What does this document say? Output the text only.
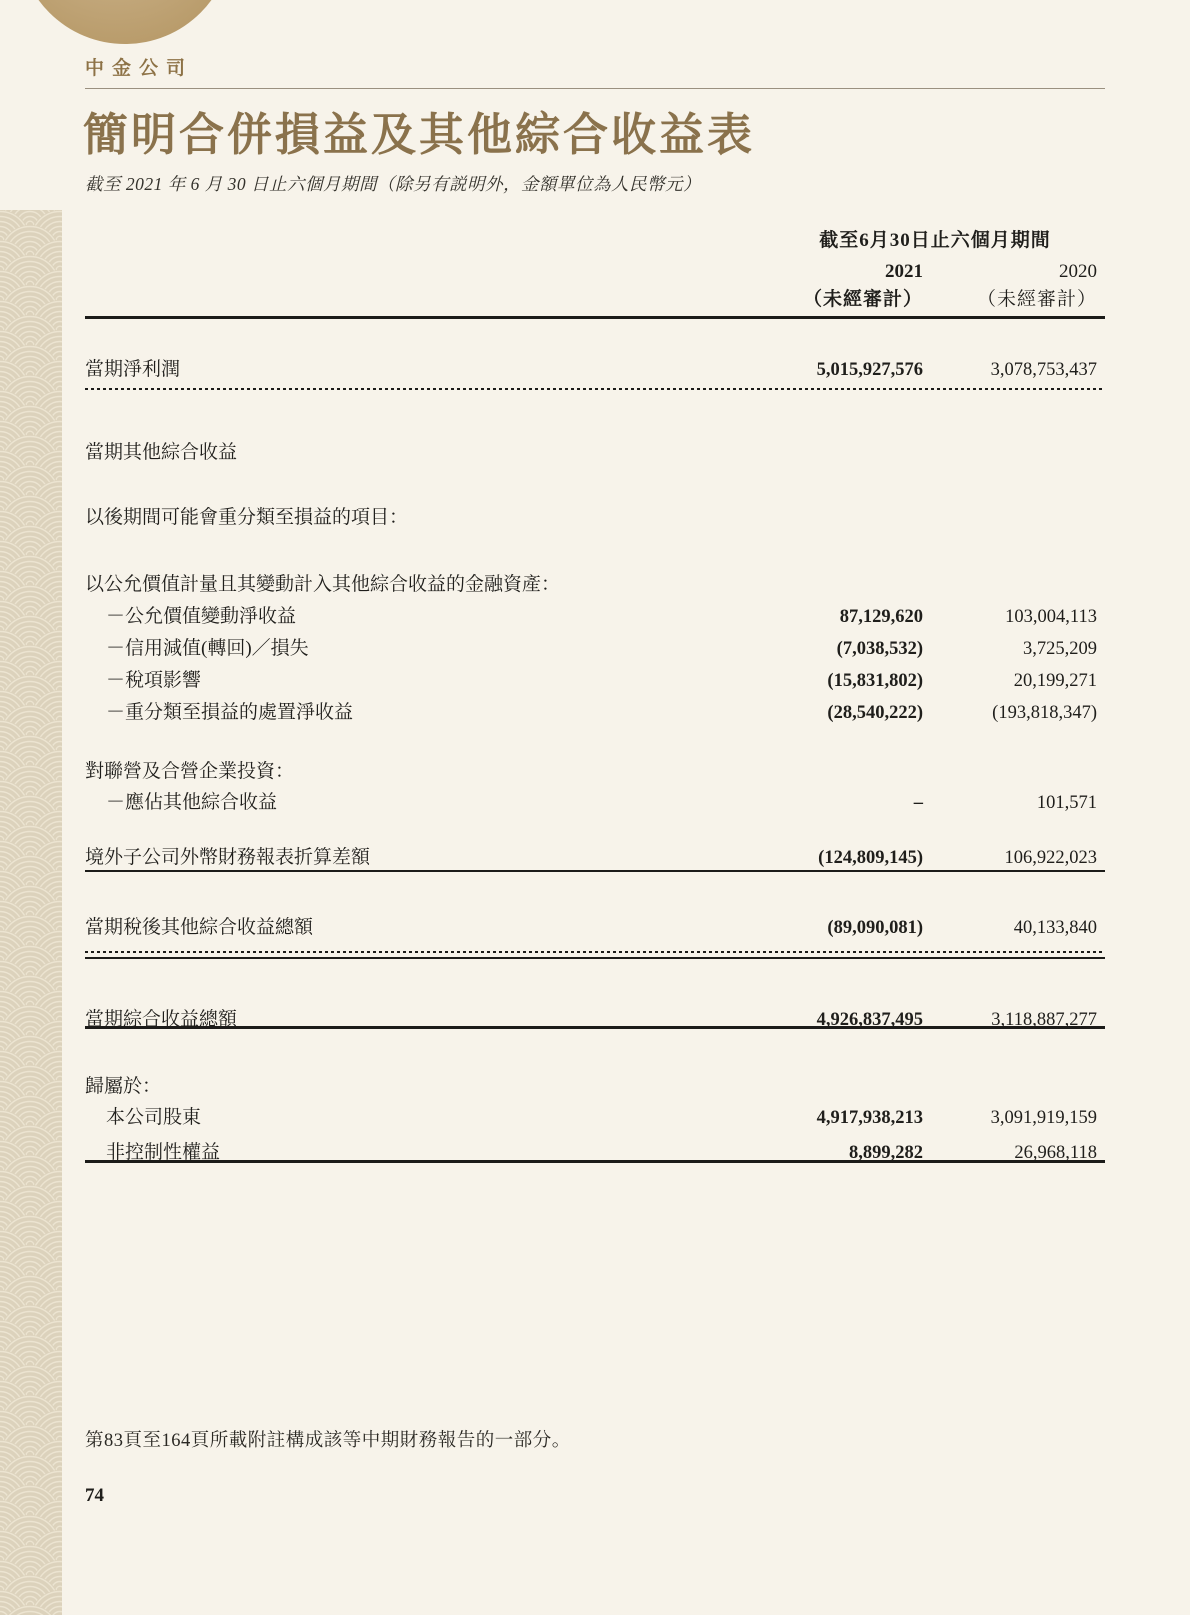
中金公司
簡明合併損益及其他綜合收益表
截至 2021 年 6 月 30 日止六個月期間（除另有説明外，金額單位為人民幣元）
截至6月30日止六個月期間
2021	2020
（未經審計）	（未經審計）
當期淨利潤	5,015,927,576	3,078,753,437
當期其他綜合收益
以後期間可能會重分類至損益的項目：
以公允價值計量且其變動計入其他綜合收益的金融資產：
－公允價值變動淨收益	87,129,620	103,004,113
－信用減值(轉回)／損失	(7,038,532)	3,725,209
－稅項影響	(15,831,802)	20,199,271
－重分類至損益的處置淨收益	(28,540,222)	(193,818,347)
對聯營及合營企業投資：
－應佔其他綜合收益	–	101,571
境外子公司外幣財務報表折算差額	(124,809,145)	106,922,023
當期稅後其他綜合收益總額	(89,090,081)	40,133,840
當期綜合收益總額	4,926,837,495	3,118,887,277
歸屬於：
本公司股東	4,917,938,213	3,091,919,159
非控制性權益	8,899,282	26,968,118
第83頁至164頁所載附註構成該等中期財務報告的一部分。
74
